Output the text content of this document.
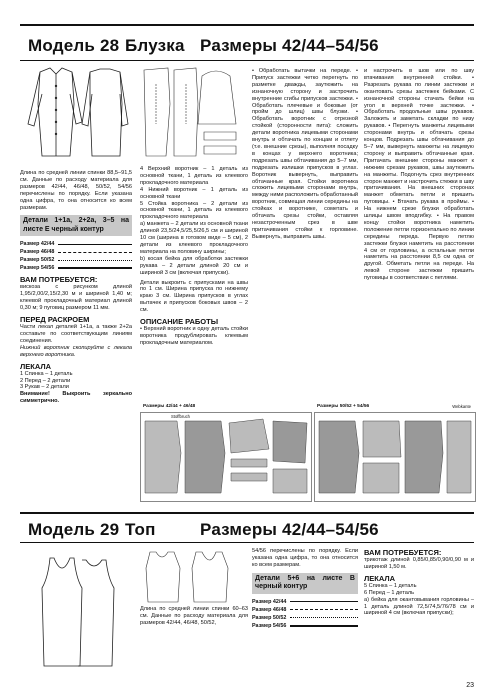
Модель 28 Блузка Размеры 42/44–54/56

Длина по средней линии спинки 88,5–91,5 см. Данные по расходу материала для размеров 42/44, 46/48, 50/52, 54/56 перечислены по порядку. Если указана одна цифра, то она относится ко всем размерам.

Детали 1+1а, 2+2а, 3–5 на листе Е черный контур
Размер 42/44
Размер 46/48
Размер 50/52
Размер 54/56
ВАМ ПОТРЕБУЕТСЯ:

вискоза с рисунком длиной 1,95/2,00/2,15/2,30 м и шириной 1,40 м; клеевой прокладочный материал длиной 0,30 м; 9 пуговиц размером 11 мм.

ПЕРЕД РАСКРОЕМ

Части лекал деталей 1+1а, а также 2+2а составьте по соответствующим линиям соединения.

Нижний воротник скопируйте с лекала верхнего воротника.

ЛЕКАЛА

1 Спинка – 1 деталь

2 Перед – 2 детали

3 Рукав – 2 детали

Внимание! Выкроить зеркально симметрично.

4 Верхний воротник – 1 деталь из основной ткани, 1 деталь из клеевого прокладочного материала

4 Нижний воротник – 1 деталь из основной ткани

5 Стойка воротника – 2 детали из основной ткани, 1 деталь из клеевого прокладочного материала

а) манжета – 2 детали из основной ткани длиной 23,5/24,5/25,5/26,5 см и шириной 10 см (ширина в готовом виде – 5 см), 2 детали из клеевого прокладочного материала на половину ширины;

b) косая бейка для обработки застежки рукава – 2 детали длиной 20 см и шириной 3 см (включая припуски).

Детали выкроить с припусками на швы по 1 см. Ширина припуска по нижнему краю 3 см. Ширина припусков в углах вытачек и припусков боковых швов – 2 см.

ОПИСАНИЕ РАБОТЫ

• Верхний воротник и одну деталь стойки воротника продублировать клеевым прокладочным материалом.

• Обработать вытачки на переде. • Припуск застежки четко перегнуть по разметке дважды, заутюжить на изнаночную сторону и застрочить внутренние сгибы припусков застежки. • Обработать плечевые и боковые (от пройм до шлиц) швы блузки. • Обработать воротник с отрезной стойкой (сторонности пита): сложить детали воротника лицевыми сторонами внутрь и обтачать по концам и отлету (т.е. внешние срезы), выполняя посадку в концах у верхнего воротника; подрезать швы обтачивания до 5–7 мм, подрезать излишки припусков в углах. Воротник вывернуть, выправить обтачанные края. Стойки воротника сложить лицевыми сторонами внутрь, между ними расположить обработанный воротник, совмещая линии середины на стойках и воротнике, сометать и обтачать срезы стойки, оставляя незастроченным срез в шве притачивания стойки к горловине. Вывернуть, выправить швы.
и настрочить в шов или по шву втачивания внутренней стойки. • Разрезать рукава по линии застежки и окантовать срезы застежек бейками. С изнаночной стороны стачать бейки на угол в верхней точке застежки. • Обработать продольные швы рукавов. Заложить и заметать складки по низу рукавов. • Перегнуть манжеты лицевыми сторонами внутрь и обтачать срезы концов. Подрезать швы обтачивания до 5–7 мм, вывернуть манжеты на лицевую сторону и выправить обтачанные края. Притачать внешние стороны манжет к нижним срезам рукавов, швы заутюжить на манжеты. Подогнуть срез внутренних сторон манжет и настрочить стежки в шву притачивания. На внешних сторонах манжет обметать петли и пришить пуговицы. • Втачать рукава в проймы. • На нижнем срезе блузки обработать шлицы швом вподгибку. • На правом концу стойки воротника наметить положение петли горизонтально по линии середины переда. Первую петлю застежки блузки наметить на расстоянии 4 см от горловины, а остальные петли наметить на расстоянии 8,5 см одна от другой. Обметать петли на переде. На левой стороне застежки пришить пуговицы в соответствии с петлями.
Размеры 42/44 + 46/48
Stoffbruch
Размеры 50/52 + 54/56	Webkante
Модель 29 Топ	Размеры 42/44–54/56

Длина по средней линии спинки 60–63 см. Данные по расходу материала для размеров 42/44, 46/48, 50/52,

54/56 перечислены по порядку. Если указана одна цифра, то она относится ко всем размерам.

Детали 5+6 на листе В черный контур
Размер 42/44
Размер 46/48
Размер 50/52
Размер 54/56
ВАМ ПОТРЕБУЕТСЯ:

трикотаж длиной 0,85/0,85/0,90/0,90 м и шириной 1,50 м.

ЛЕКАЛА

5 Спинка – 1 деталь

6 Перед – 1 деталь

а) бейка для окантовывания горловины – 1 деталь длиной 72,5/74,5/76/78 см и шириной 4 см (включая припуски);

23
